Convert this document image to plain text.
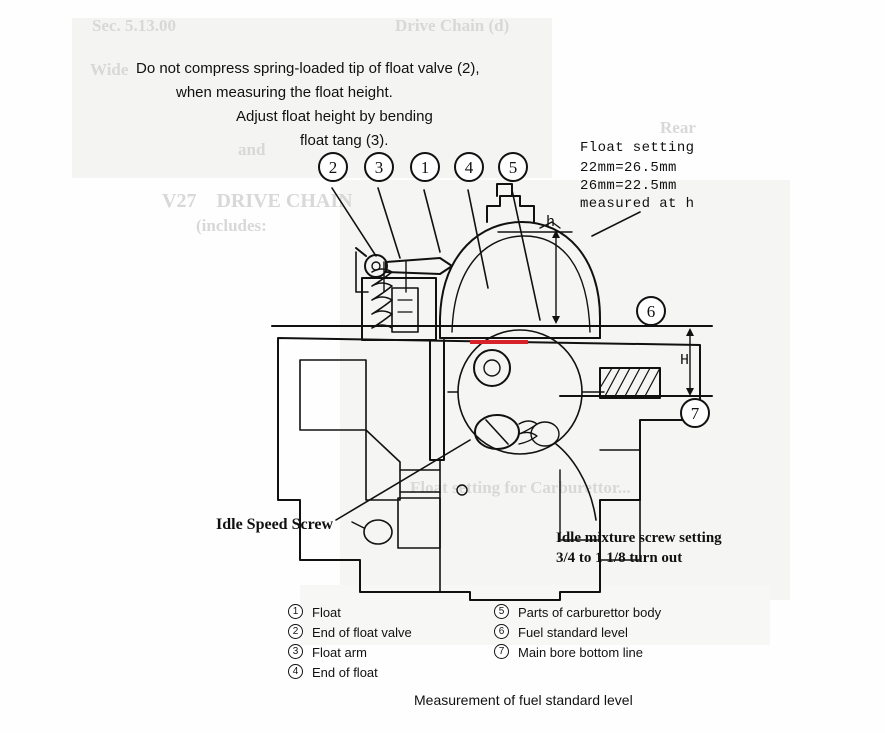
Sec. 5.13.00	Drive Chain (d)
Wide
Rear
and
V27    DRIVE CHAIN
(includes:
Float setting for Carburettor...
Do not compress spring-loaded tip of float valve (2),
when measuring the float height.
Adjust float height by bending
float tang (3).	Float setting
22mm=26.5mm
26mm=22.5mm
measured at h
2	3	1	4	5
6
7
h
H
Idle Speed Screw
Idle mixture screw setting
3/4 to 1 1/8 turn out
1	Float
2	End of float valve
3	Float arm
4	End of float
5	Parts of carburettor body
6	Fuel standard level
7	Main bore bottom line
Measurement of fuel standard level
